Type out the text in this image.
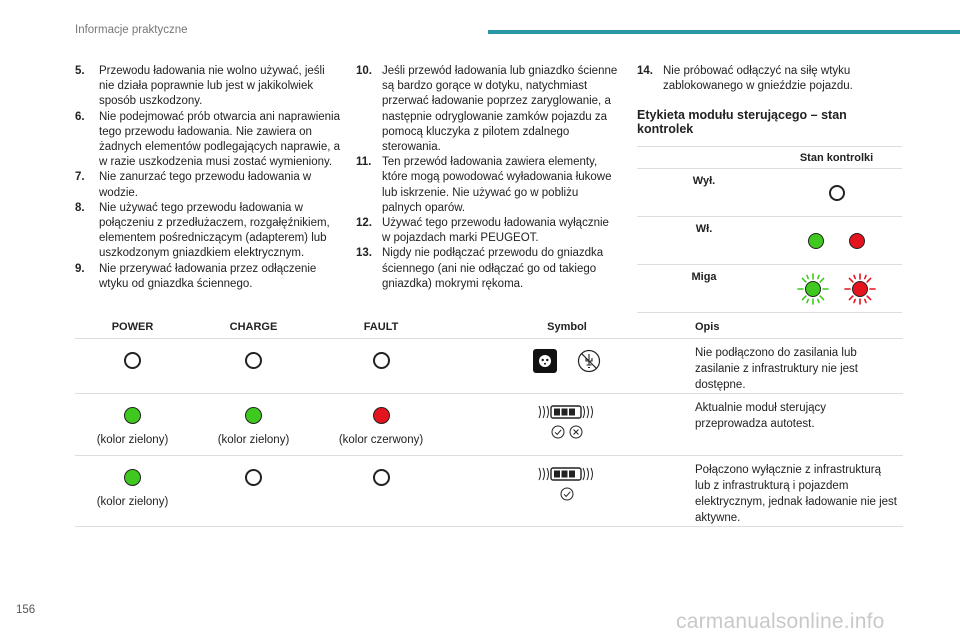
Informacje praktyczne
5.	Przewodu ładowania nie wolno używać, jeśli nie działa poprawnie lub jest w jakikolwiek sposób uszkodzony.
6.	Nie podejmować prób otwarcia ani naprawienia tego przewodu ładowania. Nie zawiera on żadnych elementów podlegających naprawie, a w razie uszkodzenia musi zostać wymieniony.
7.	Nie zanurzać tego przewodu ładowania w wodzie.
8.	Nie używać tego przewodu ładowania w połączeniu z przedłużaczem, rozgałęźnikiem, elementem pośredniczącym (adapterem) lub uszkodzonym gniazdkiem elektrycznym.
9.	Nie przerywać ładowania przez odłączenie wtyku od gniazdka ściennego.
10. Jeśli przewód ładowania lub gniazdko ścienne są bardzo gorące w dotyku, natychmiast przerwać ładowanie poprzez zaryglowanie, a następnie odryglowanie zamków pojazdu za pomocą kluczyka z pilotem zdalnego sterowania.
11. Ten przewód ładowania zawiera elementy, które mogą powodować wyładowania łukowe lub iskrzenie. Nie używać go w pobliżu palnych oparów.
12. Używać tego przewodu ładowania wyłącznie w pojazdach marki PEUGEOT.
13. Nigdy nie podłączać przewodu do gniazdka ściennego (ani nie odłączać go od takiego gniazdka) mokrymi rękoma.
14. Nie próbować odłączyć na siłę wtyku zablokowanego w gnieździe pojazdu.
Etykieta modułu sterującego – stan kontrolek
	Stan kontrolki
Wył.	
Wł.	
Miga	
POWER	CHARGE	FAULT	Symbol	Opis
				Nie podłączono do zasilania lub zasilanie z infrastruktury nie jest dostępne.

(kolor zielony)	(kolor zielony)	(kolor czerwony)		Aktualnie moduł sterujący przeprowadza autotest.

(kolor zielony)				Połączono wyłącznie z infrastrukturą lub z infrastrukturą i pojazdem elektrycznym, jednak ładowanie nie jest aktywne.
156	carmanualsonline.info
